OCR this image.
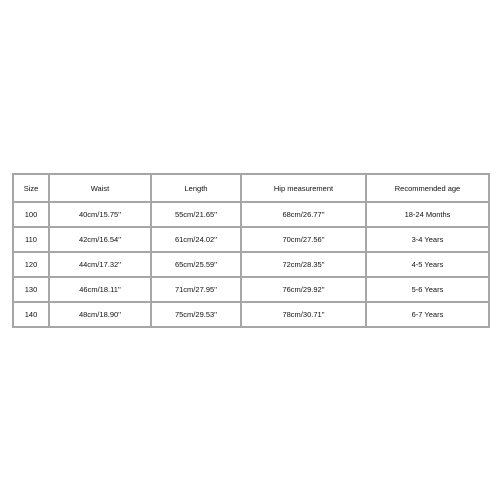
Size	Waist	Length	Hip measurement	Recommended age
100	40cm/15.75''	55cm/21.65''	68cm/26.77''	18-24 Months
110	42cm/16.54''	61cm/24.02''	70cm/27.56''	3-4 Years
120	44cm/17.32''	65cm/25.59''	72cm/28.35''	4-5 Years
130	46cm/18.11''	71cm/27.95''	76cm/29.92''	5-6 Years
140	48cm/18.90''	75cm/29.53''	78cm/30.71''	6-7 Years
